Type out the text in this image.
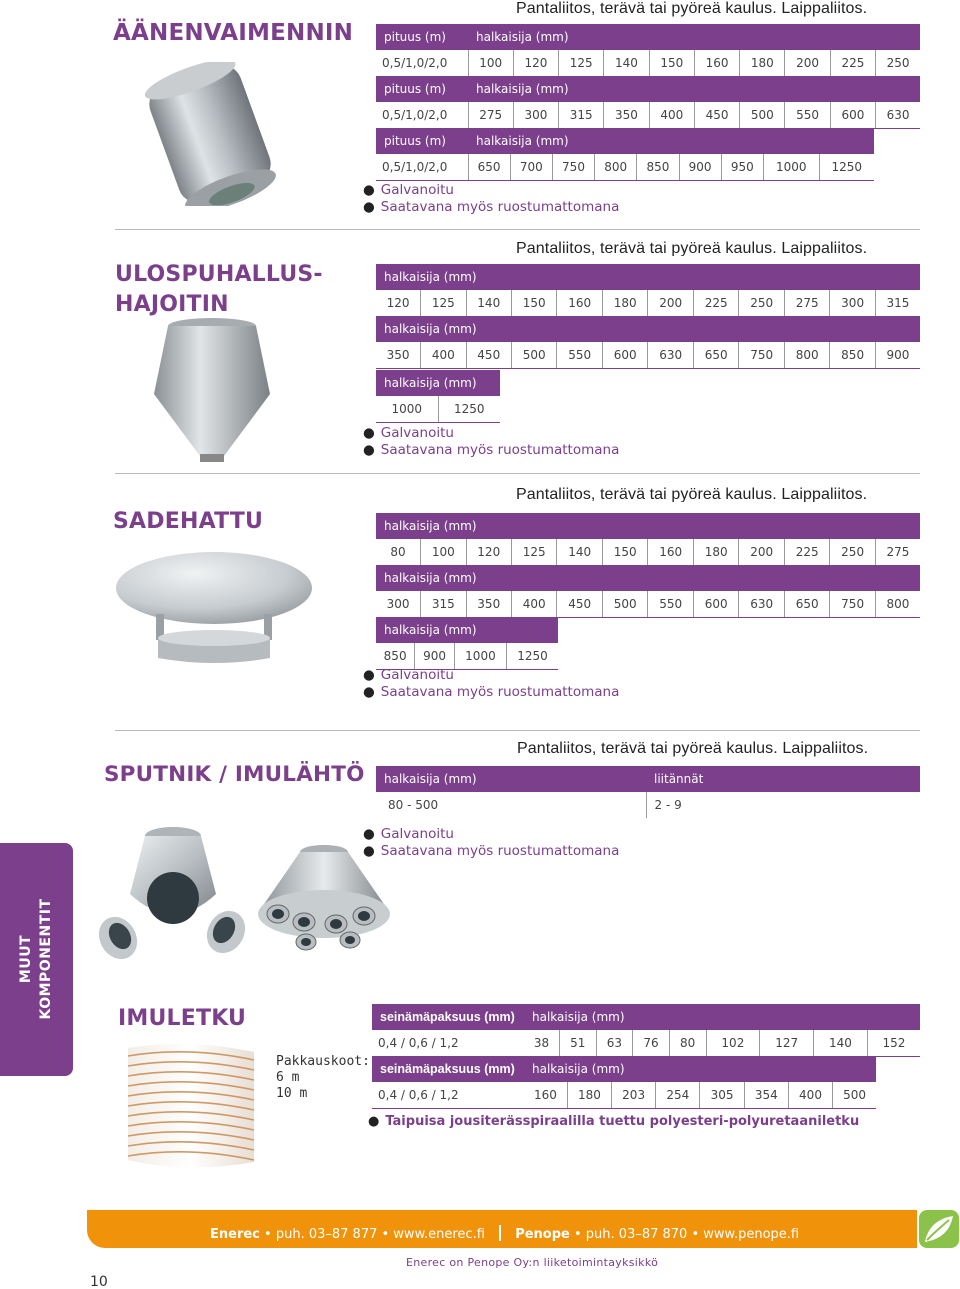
ÄÄNENVAIMENNIN
Pantaliitos, terävä tai pyöreä kaulus. Laippaliitos.
pituus (m)	halkaisija (mm)									
0,5/1,0/2,0	100	120	125	140	150	160	180	200	225	250
pituus (m)	halkaisija (mm)									
0,5/1,0/2,0	275	300	315	350	400	450	500	550	600	630
pituus (m)	halkaisija (mm)								
0,5/1,0/2,0	650	700	750	800	850	900	950	1000	1250
● Galvanoitu
● Saatavana myös ruostumattomana
ULOSPUHALLUS-
HAJOITIN
Pantaliitos, terävä tai pyöreä kaulus. Laippaliitos.
halkaisija (mm)											
120	125	140	150	160	180	200	225	250	275	300	315
halkaisija (mm)											
350	400	450	500	550	600	630	650	750	800	850	900
halkaisija (mm)
1000	1250
● Galvanoitu
● Saatavana myös ruostumattomana
SADEHATTU
Pantaliitos, terävä tai pyöreä kaulus. Laippaliitos.
halkaisija (mm)											
80	100	120	125	140	150	160	180	200	225	250	275
halkaisija (mm)											
300	315	350	400	450	500	550	600	630	650	750	800
halkaisija (mm)
850	900	1000	1250
● Galvanoitu
● Saatavana myös ruostumattomana
SPUTNIK / IMULÄHTÖ
Pantaliitos, terävä tai pyöreä kaulus. Laippaliitos.
halkaisija (mm)	liitännät
80 - 500	2 - 9
● Galvanoitu
● Saatavana myös ruostumattomana
MUUT KOMPONENTIT	IMULETKU
Pakkauskoot:
6 m
10 m
seinämäpaksuus (mm)	halkaisija (mm)								
0,4 / 0,6 / 1,2	38	51	63	76	80	102	127	140	152
seinämäpaksuus (mm)	halkaisija (mm)							
0,4 / 0,6 / 1,2	160	180	203	254	305	354	400	500
● Taipuisa jousiterässpiraalilla tuettu polyesteri-polyuretaaniletku
Enerec • puh. 03–87 877 • www.enerec.fi Penope • puh. 03–87 870 • www.penope.fi
Enerec on Penope Oy:n liiketoimintayksikkö
10
